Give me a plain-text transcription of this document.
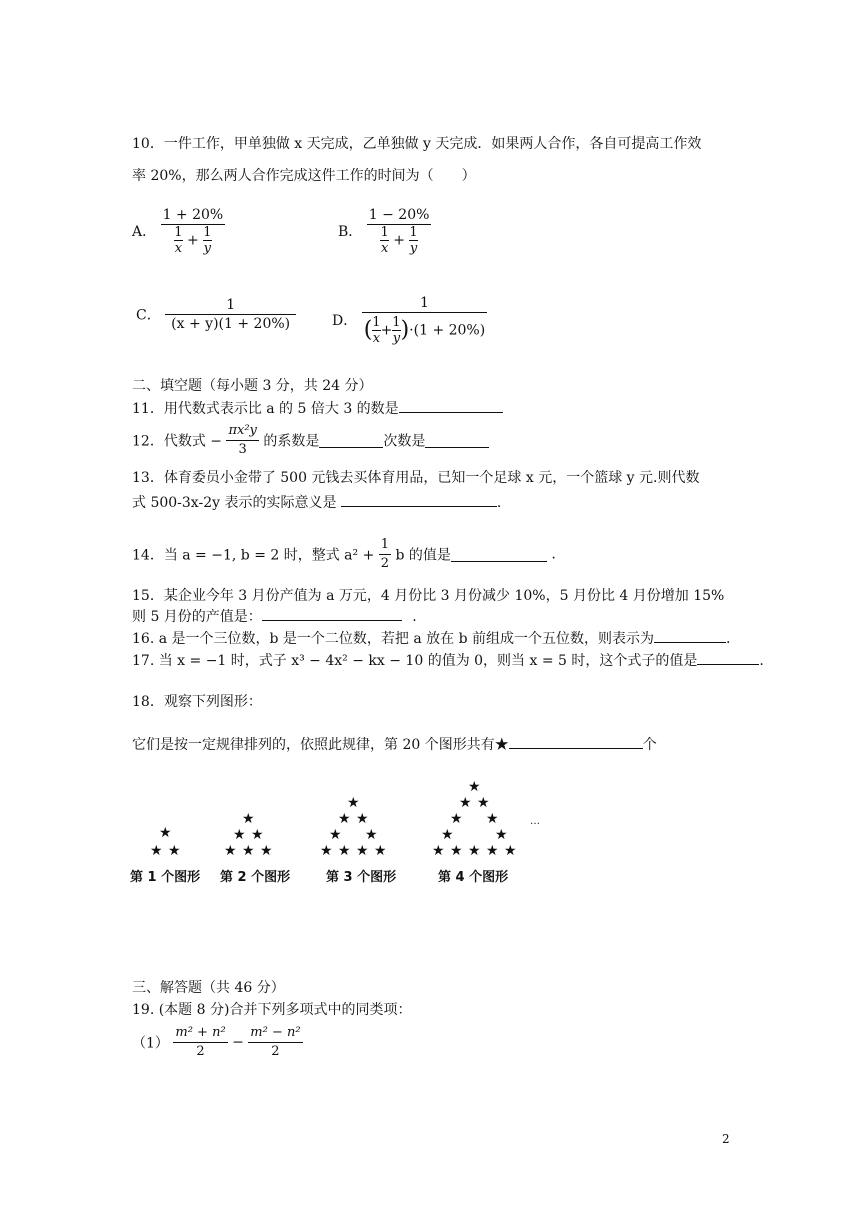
10．一件工作，甲单独做 x 天完成，乙单独做 y 天完成．如果两人合作，各自可提高工作效
率 20%，那么两人合作完成这件工作的时间为（　　）
A． $\frac{1 + 20\%}{\frac{1}{x} + \frac{1}{y}}$	B． $\frac{1 - 20\%}{\frac{1}{x} + \frac{1}{y}}$
C． $\frac{1}{(x + y)(1 + 20\%)}$	D． $\frac{1}{( \frac{1}{x} + \frac{1}{y} )\cdot(1 + 20\%)}$
二、填空题（每小题 3 分，共 24 分）
11．用代数式表示比 a 的 5 倍大 3 的数是
12．代数式 − $\frac{\text{πx²y}}{3}$ 的系数是	次数是
13．体育委员小金带了 500 元钱去买体育用品，已知一个足球 x 元，一个篮球 y 元.则代数
式 500-3x-2y 表示的实际意义是	.
14．当 a = −1, b = 2 时，整式 $a^2 + \frac{1}{2}$ b 的值是	.
15．某企业今年 3 月份产值为 a 万元，4 月份比 3 月份减少 10%，5 月份比 4 月份增加 15%
则 5 月份的产值是：	.
16. a 是一个三位数，b 是一个二位数，若把 a 放在 b 前组成一个五位数，则表示为	.
17. 当 x = −1 时，式子 x³ − 4x² − kx − 10 的值为 0，则当 x = 5 时，这个式子的值是	.
18．观察下列图形：
它们是按一定规律排列的，依照此规律，第 20 个图形共有★	个
★
★ ★
★
★ ★
★ ★ ★
★
★ ★
★ ★
★ ★ ★ ★
★
★ ★
★ ★
★	★
★ ★ ★ ★ ★
…
第 1 个图形 第 2 个图形	第 3 个图形	第 4 个图形
三、解答题（共 46 分）
19. (本题 8 分)合并下列多项式中的同类项：
$(1) \frac{\text{m² + n²}}{2} - \frac{\text{m² − n²}}{2}$
2
